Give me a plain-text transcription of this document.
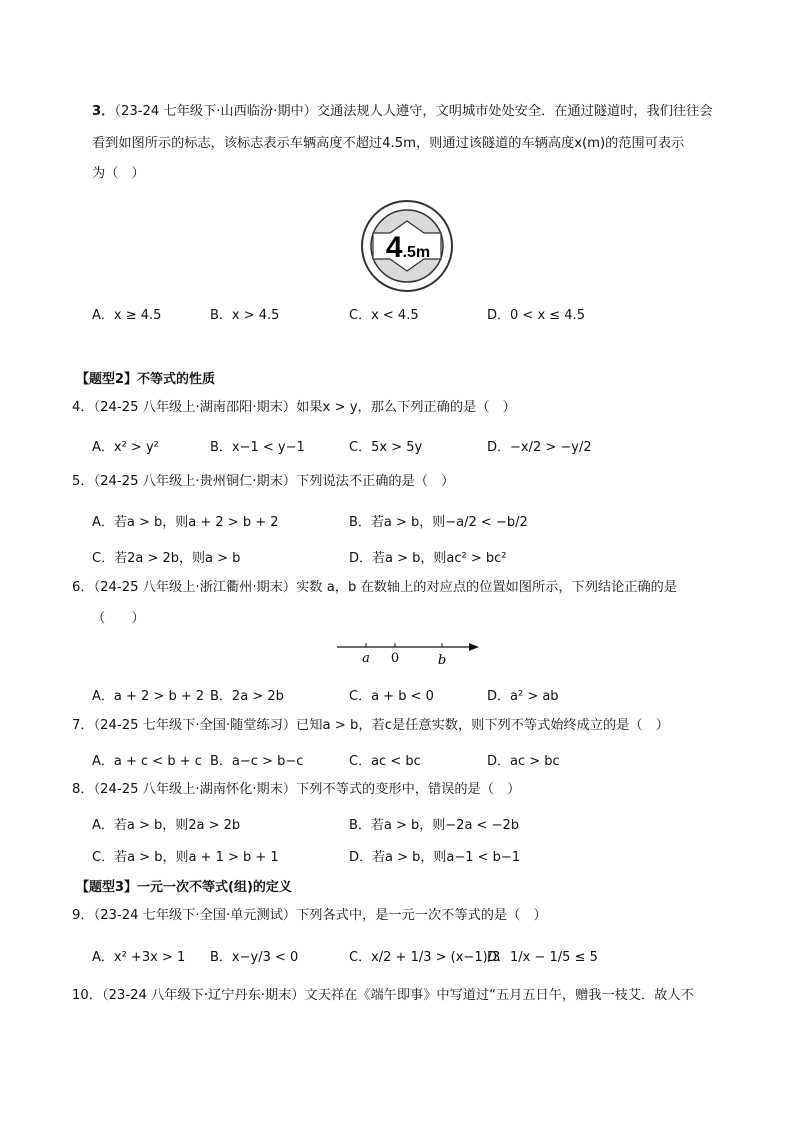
3．（23-24 七年级下·山西临汾·期中）交通法规人人遵守，文明城市处处安全．在通过隧道时，我们往往会
看到如图所示的标志，该标志表示车辆高度不超过4.5m，则通过该隧道的车辆高度x(m)的范围可表示
为（　）
4.5m
A．x ≥ 4.5	B．x > 4.5	C．x < 4.5	D．0 < x ≤ 4.5
【题型2】不等式的性质
4．（24-25 八年级上·湖南邵阳·期末）如果x > y，那么下列正确的是（　）
A．x² > y²	B．x−1 < y−1	C．5x > 5y	D．−x/2 > −y/2
5．（24-25 八年级上·贵州铜仁·期末）下列说法不正确的是（　）
A．若a > b，则a + 2 > b + 2	B．若a > b，则−a/2 < −b/2
C．若2a > 2b，则a > b	D．若a > b，则ac² > bc²
6．（24-25 八年级上·浙江衢州·期末）实数 a，b 在数轴上的对应点的位置如图所示，下列结论正确的是
（　　）
a 0	b
A．a + 2 > b + 2 B．2a > 2b	C．a + b < 0	D．a² > ab
7．（24-25 七年级下·全国·随堂练习）已知a > b，若c是任意实数，则下列不等式始终成立的是（　）
A．a + c < b + c B．a−c > b−c	C．ac < bc	D．ac > bc
8．（24-25 八年级上·湖南怀化·期末）下列不等式的变形中，错误的是（　）
A．若a > b，则2a > 2b	B．若a > b，则−2a < −2b
C．若a > b，则a + 1 > b + 1	D．若a > b，则a−1 < b−1
【题型3】一元一次不等式(组)的定义
9．（23-24 七年级下·全国·单元测试）下列各式中，是一元一次不等式的是（　）
A．x² +3x > 1 B．x−y/3 < 0	C．x/2 + 1/3 > (x−1)/3
D．1/x − 1/5 ≤ 5
10．（23-24 八年级下·辽宁丹东·期末）文天祥在《端午即事》中写道过“五月五日午，赠我一枝艾．故人不
